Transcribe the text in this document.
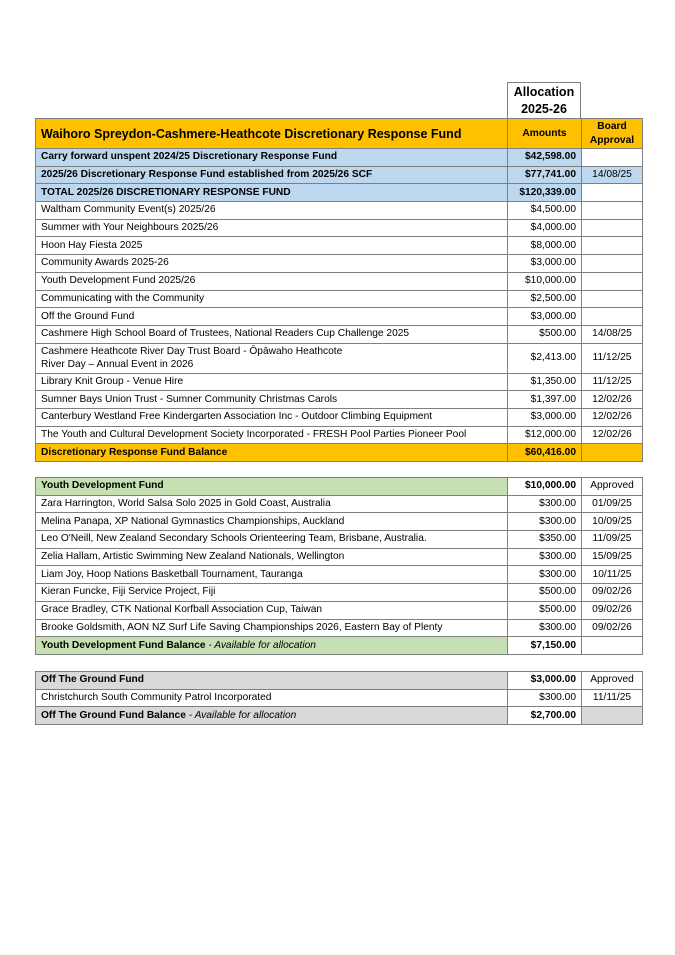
Allocation
2025-26
Waihoro Spreydon-Cashmere-Heathcote Discretionary Response Fund	Amounts	Board
Approval

Carry forward unspent 2024/25 Discretionary Response Fund	$42,598.00	
2025/26 Discretionary Response Fund established from 2025/26 SCF	$77,741.00	14/08/25
TOTAL 2025/26 DISCRETIONARY RESPONSE FUND	$120,339.00	
Waltham Community Event(s) 2025/26	$4,500.00	
Summer with Your Neighbours 2025/26	$4,000.00	
Hoon Hay Fiesta 2025	$8,000.00	
Community Awards 2025-26	$3,000.00	
Youth Development Fund 2025/26	$10,000.00	
Communicating with the Community	$2,500.00	
Off the Ground Fund	$3,000.00	
Cashmere High School Board of Trustees, National Readers Cup Challenge 2025	$500.00	14/08/25

Cashmere Heathcote River Day Trust Board - Ōpāwaho Heathcote
River Day – Annual Event in 2026	$2,413.00	11/12/25
Library Knit Group - Venue Hire	$1,350.00	11/12/25
Sumner Bays Union Trust - Sumner Community Christmas Carols	$1,397.00	12/02/26
Canterbury Westland Free Kindergarten Association Inc - Outdoor Climbing Equipment	$3,000.00	12/02/26
The Youth and Cultural Development Society Incorporated - FRESH Pool Parties Pioneer Pool	$12,000.00	12/02/26
Discretionary Response Fund Balance	$60,416.00	
Youth Development Fund	$10,000.00	Approved
Zara Harrington, World Salsa Solo 2025 in Gold Coast, Australia	$300.00	01/09/25
Melina Panapa, XP National Gymnastics Championships, Auckland	$300.00	10/09/25
Leo O'Neill, New Zealand Secondary Schools Orienteering Team, Brisbane, Australia.	$350.00	11/09/25
Zelia Hallam, Artistic Swimming New Zealand Nationals, Wellington	$300.00	15/09/25
Liam Joy, Hoop Nations Basketball Tournament, Tauranga	$300.00	10/11/25
Kieran Funcke, Fiji Service Project, Fiji	$500.00	09/02/26
Grace Bradley, CTK National Korfball Association Cup, Taiwan	$500.00	09/02/26
Brooke Goldsmith, AON NZ Surf Life Saving Championships 2026, Eastern Bay of Plenty	$300.00	09/02/26
Youth Development Fund Balance - Available for allocation	$7,150.00	
Off The Ground Fund	$3,000.00	Approved
Christchurch South Community Patrol Incorporated	$300.00	11/11/25
Off The Ground Fund Balance - Available for allocation	$2,700.00	
